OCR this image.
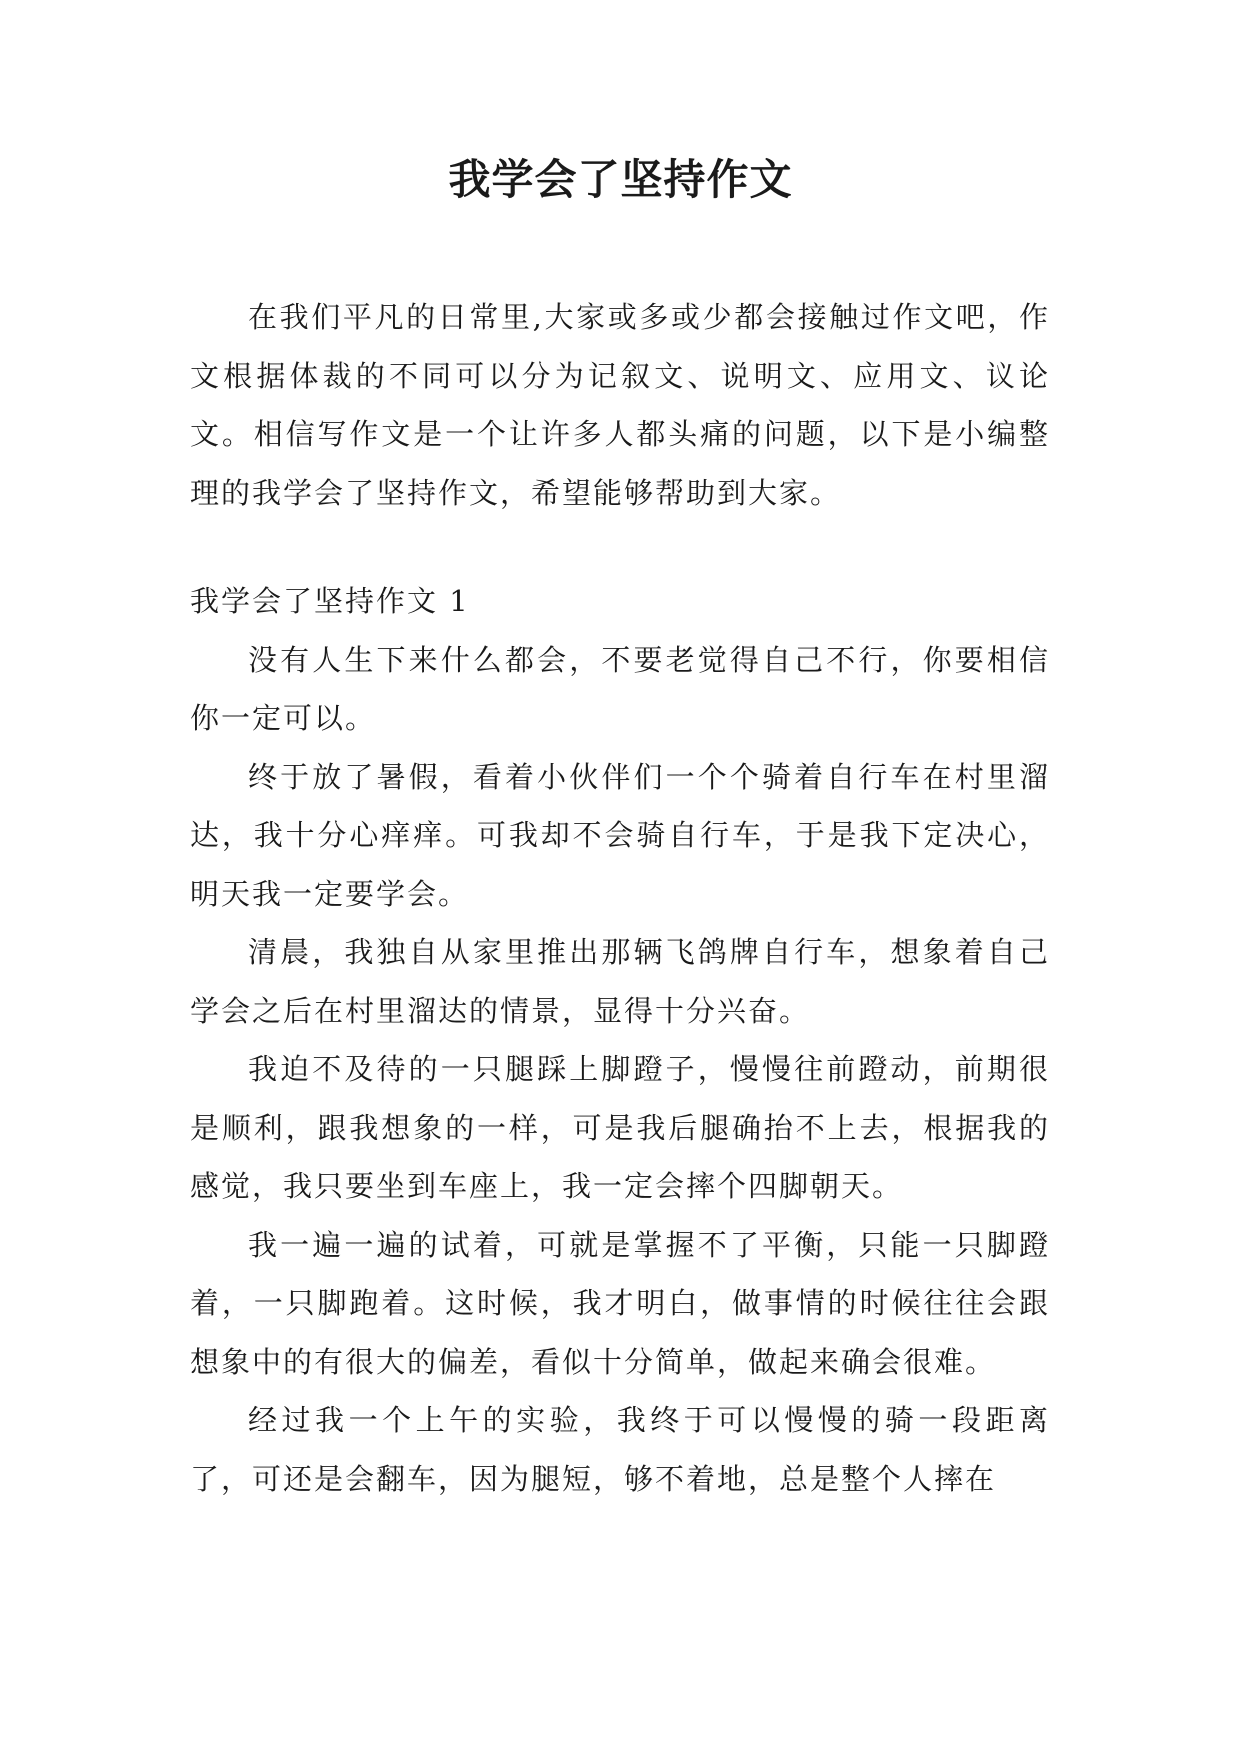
我学会了坚持作文

在我们平凡的日常里,大家或多或少都会接触过作文吧，作文根据体裁的不同可以分为记叙文、说明文、应用文、议论文。相信写作文是一个让许多人都头痛的问题，以下是小编整理的我学会了坚持作文，希望能够帮助到大家。

我学会了坚持作文 1

没有人生下来什么都会，不要老觉得自己不行，你要相信你一定可以。

终于放了暑假，看着小伙伴们一个个骑着自行车在村里溜达，我十分心痒痒。可我却不会骑自行车，于是我下定决心，明天我一定要学会。

清晨，我独自从家里推出那辆飞鸽牌自行车，想象着自己学会之后在村里溜达的情景，显得十分兴奋。

我迫不及待的一只腿踩上脚蹬子，慢慢往前蹬动，前期很是顺利，跟我想象的一样，可是我后腿确抬不上去，根据我的感觉，我只要坐到车座上，我一定会摔个四脚朝天。

我一遍一遍的试着，可就是掌握不了平衡，只能一只脚蹬着，一只脚跑着。这时候，我才明白，做事情的时候往往会跟想象中的有很大的偏差，看似十分简单，做起来确会很难。

经过我一个上午的实验，我终于可以慢慢的骑一段距离了，可还是会翻车，因为腿短，够不着地，总是整个人摔在
